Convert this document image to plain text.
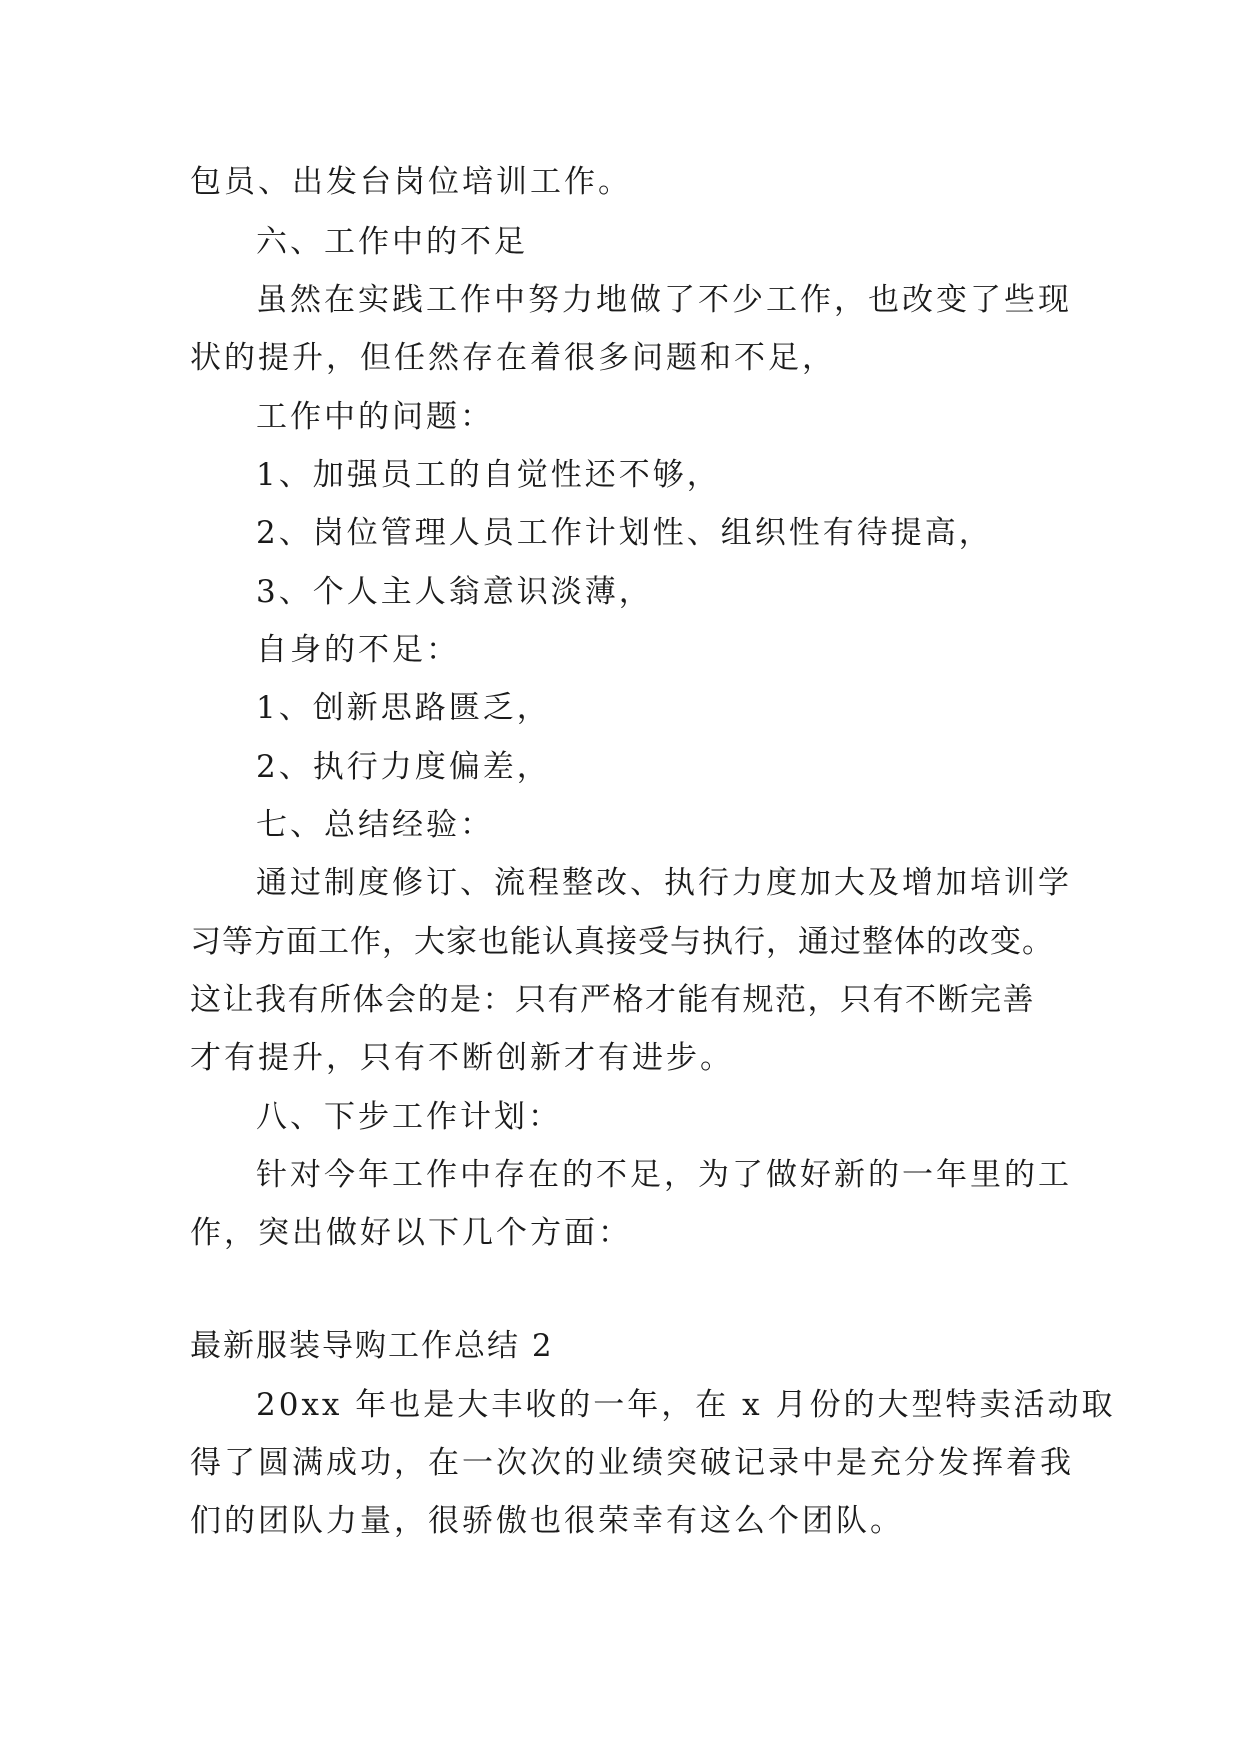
包员、出发台岗位培训工作。
六、工作中的不足
虽然在实践工作中努力地做了不少工作，也改变了些现
状的提升，但任然存在着很多问题和不足，
工作中的问题：
1、加强员工的自觉性还不够，
2、岗位管理人员工作计划性、组织性有待提高，
3、个人主人翁意识淡薄，
自身的不足：
1、创新思路匮乏，
2、执行力度偏差，
七、总结经验：
通过制度修订、流程整改、执行力度加大及增加培训学
习等方面工作，大家也能认真接受与执行，通过整体的改变。
这让我有所体会的是：只有严格才能有规范，只有不断完善
才有提升，只有不断创新才有进步。
八、下步工作计划：
针对今年工作中存在的不足，为了做好新的一年里的工
作，突出做好以下几个方面：
最新服装导购工作总结 2
20xx 年也是大丰收的一年，在 x 月份的大型特卖活动取
得了圆满成功，在一次次的业绩突破记录中是充分发挥着我
们的团队力量，很骄傲也很荣幸有这么个团队。
